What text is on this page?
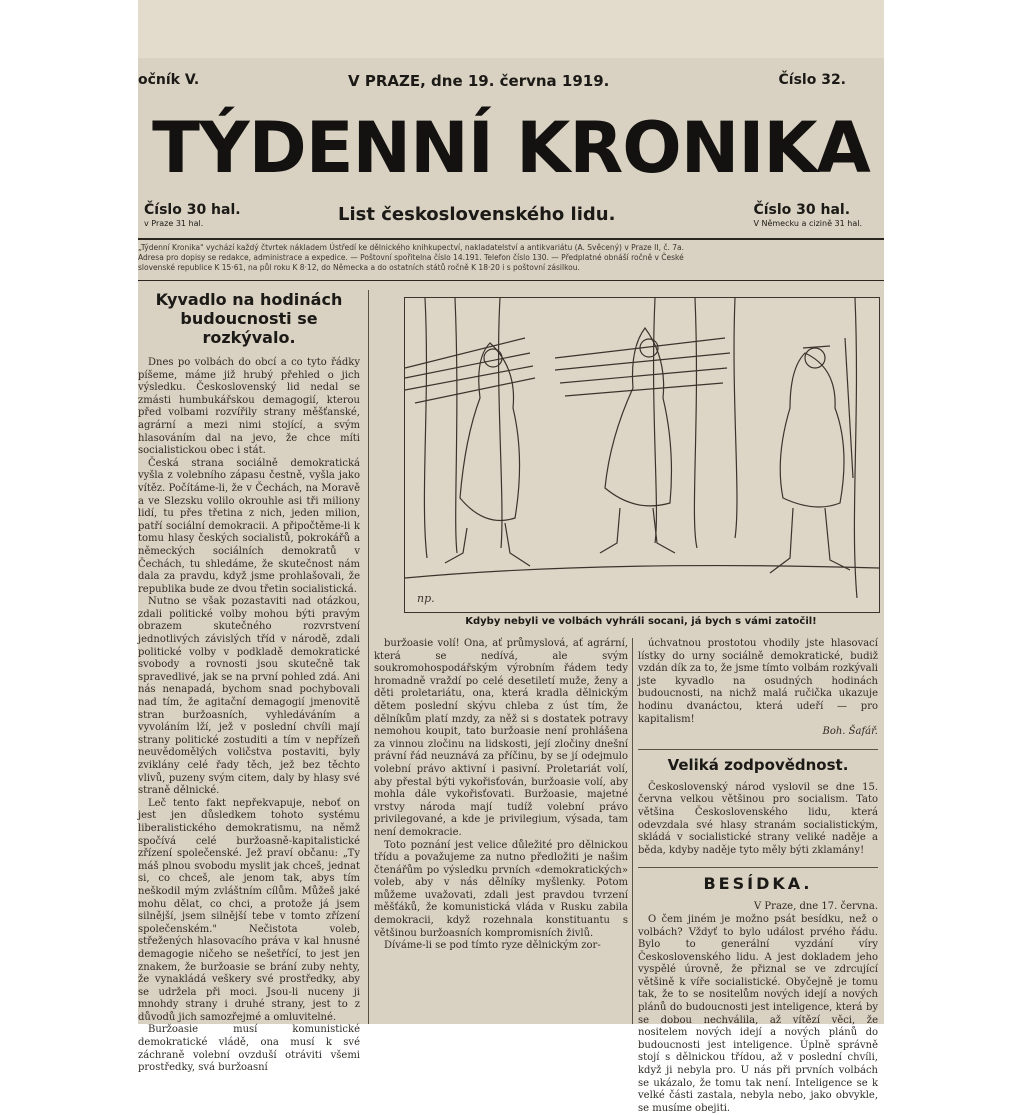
očník V.	V PRAZE, dne 19. června 1919.	Číslo 32.
TÝDENNÍ KRONIKA
Číslo 30 hal.
v Praze 31 hal.	List československého lidu.	Číslo 30 hal.
V Německu a cizině 31 hal.

„Týdenní Kronika" vychází každý čtvrtek nákladem Ústředí ke dělnického knihkupectví, nakladatelství a antikvariátu (A. Svěcený) v Praze II, č. 7a.

Adresa pro dopisy se redakce, administrace a expedice. — Poštovní spořitelna číslo 14.191. Telefon číslo 130. — Předplatné obnáší ročně v České

slovenské republice K 15·61, na půl roku K 8·12, do Německa a do ostatních států ročně K 18·20 i s poštovní zásilkou.

Kyvadlo na hodinách budoucnosti se rozkývalo.

Dnes po volbách do obcí a co tyto řádky píšeme, máme již hrubý přehled o jich výsledku. Československý lid nedal se zmásti humbukářskou demagogií, kterou před volbami rozvířily strany měšťanské, agrární a mezi nimi stojící, a svým hlasováním dal na jevo, že chce míti socialistickou obec i stát.

Česká strana sociálně demokratická vyšla z volebního zápasu čestně, vyšla jako vítěz. Počítáme-li, že v Čechách, na Moravě a ve Slezsku volilo okrouhle asi tři miliony lidí, tu přes třetina z nich, jeden milion, patří sociální demokracii. A připočtěme-li k tomu hlasy českých socialistů, pokrokářů a německých sociálních demokratů v Čechách, tu shledáme, že skutečnost nám dala za pravdu, když jsme prohlašovali, že republika bude ze dvou třetin socialistická.

Nutno se však pozastaviti nad otázkou, zdali politické volby mohou býti pravým obrazem skutečného rozvrstvení jednotlivých závislých tříd v národě, zdali politické volby v podkladě demokratické svobody a rovnosti jsou skutečně tak spravedlivé, jak se na první pohled zdá. Ani nás nenapadá, bychom snad pochybovali nad tím, že agitační demagogií jmenovitě stran buržoasních, vyhledáváním a vyvoláním lží, jež v poslední chvíli mají strany politické zostuditi a tím v nepřízeň neuvědomělých voličstva postaviti, byly zviklány celé řady těch, jež bez těchto vlivů, puzeny svým citem, daly by hlasy své straně dělnické.

Leč tento fakt nepřekvapuje, neboť on jest jen důsledkem tohoto systému liberalistického demokratismu, na němž spočívá celé buržoasně-kapitalistické zřízení společenské. Jež praví občanu: „Ty máš plnou svobodu myslit jak chceš, jednat si, co chceš, ale jenom tak, abys tím neškodil mým zvláštním cílům. Můžeš jaké mohu dělat, co chci, a protože já jsem silnější, jsem silnější tebe v tomto zřízení společenském." Nečistota voleb, střežených hlasovacího práva v kal hnusné demagogie ničeho se nešetřící, to jest jen znakem, že buržoasie se brání zuby nehty, že vynakládá veškery své prostředky, aby se udržela při moci. Jsou-li nuceny ji mnohdy strany i druhé strany, jest to z důvodů jich samozřejmé a omluvitelné.

Buržoasie musí komunistické demokratické vládě, ona musí k své záchraně volební ovzduší otráviti všemi prostředky, svá buržoasní

np.
Kdyby nebyli ve volbách vyhráli socani, já bych s vámi zatočil!

buržoasie volí! Ona, ať průmyslová, ať agrární, která se nedívá, ale svým soukromohospodářským výrobním řádem tedy hromadně vraždí po celé desetiletí muže, ženy a děti proletariátu, ona, která kradla dělnickým dětem poslední skývu chleba z úst tím, že dělníkům platí mzdy, za něž si s dostatek potravy nemohou koupit, tato buržoasie není prohlášena za vinnou zločinu na lidskosti, její zločiny dnešní právní řád neuznává za příčinu, by se jí odejmulo volební právo aktivní i pasivní. Proletariát volí, aby přestal býti vykořisťován, buržoasie volí, aby mohla dále vykořisťovati. Buržoasie, majetné vrstvy národa mají tudíž volební právo privilegované, a kde je privilegium, výsada, tam není demokracie.

Toto poznání jest velice důležité pro dělnickou třídu a považujeme za nutno předložiti je našim čtenářům po výsledku prvních «demokratických» voleb, aby v nás dělníky myšlenky. Potom můžeme uvažovati, zdali jest pravdou tvrzení měšťáků, že komunistická vláda v Rusku zabila demokracii, když rozehnala konstituantu s většinou buržoasních kompromisních živlů.

Díváme-li se pod tímto ryze dělnickým zor-

úchvatnou prostotou vhodily jste hlasovací lístky do urny sociálně demokratické, budiž vzdán dík za to, že jsme tímto volbám rozkývali jste kyvadlo na osudných hodinách budoucnosti, na nichž malá ručička ukazuje hodinu dvanáctou, která udeří — pro kapitalism!

Boh. Šafář.

Veliká zodpovědnost.

Československý národ vyslovil se dne 15. června velkou většinou pro socialism. Tato většina Československého lidu, která odevzdala své hlasy stranám socialistickým, skládá v socialistické strany veliké naděje a běda, kdyby naděje tyto měly býti zklamány!

BESÍDKA.

V Praze, dne 17. června.

O čem jiném je možno psát besídku, než o volbách? Vždyť to bylo událost prvého řádu. Bylo to generální vyzdání víry Československého lidu. A jest dokladem jeho vyspělé úrovně, že přiznal se ve zdrcující většině k víře socialistické. Obyčejně je tomu tak, že to se nositelům nových idejí a nových plánů do budoucnosti jest inteligence, která by se dobou nechválila, až vítězí věci, že nositelem nových idejí a nových plánů do budoucnosti jest inteligence. Úplně správně stojí s dělnickou třídou, až v poslední chvíli, když ji nebyla pro. U nás při prvních volbách se ukázalo, že tomu tak není. Inteligence se k velké části zastala, nebyla nebo, jako obvykle, se musíme obejiti.
